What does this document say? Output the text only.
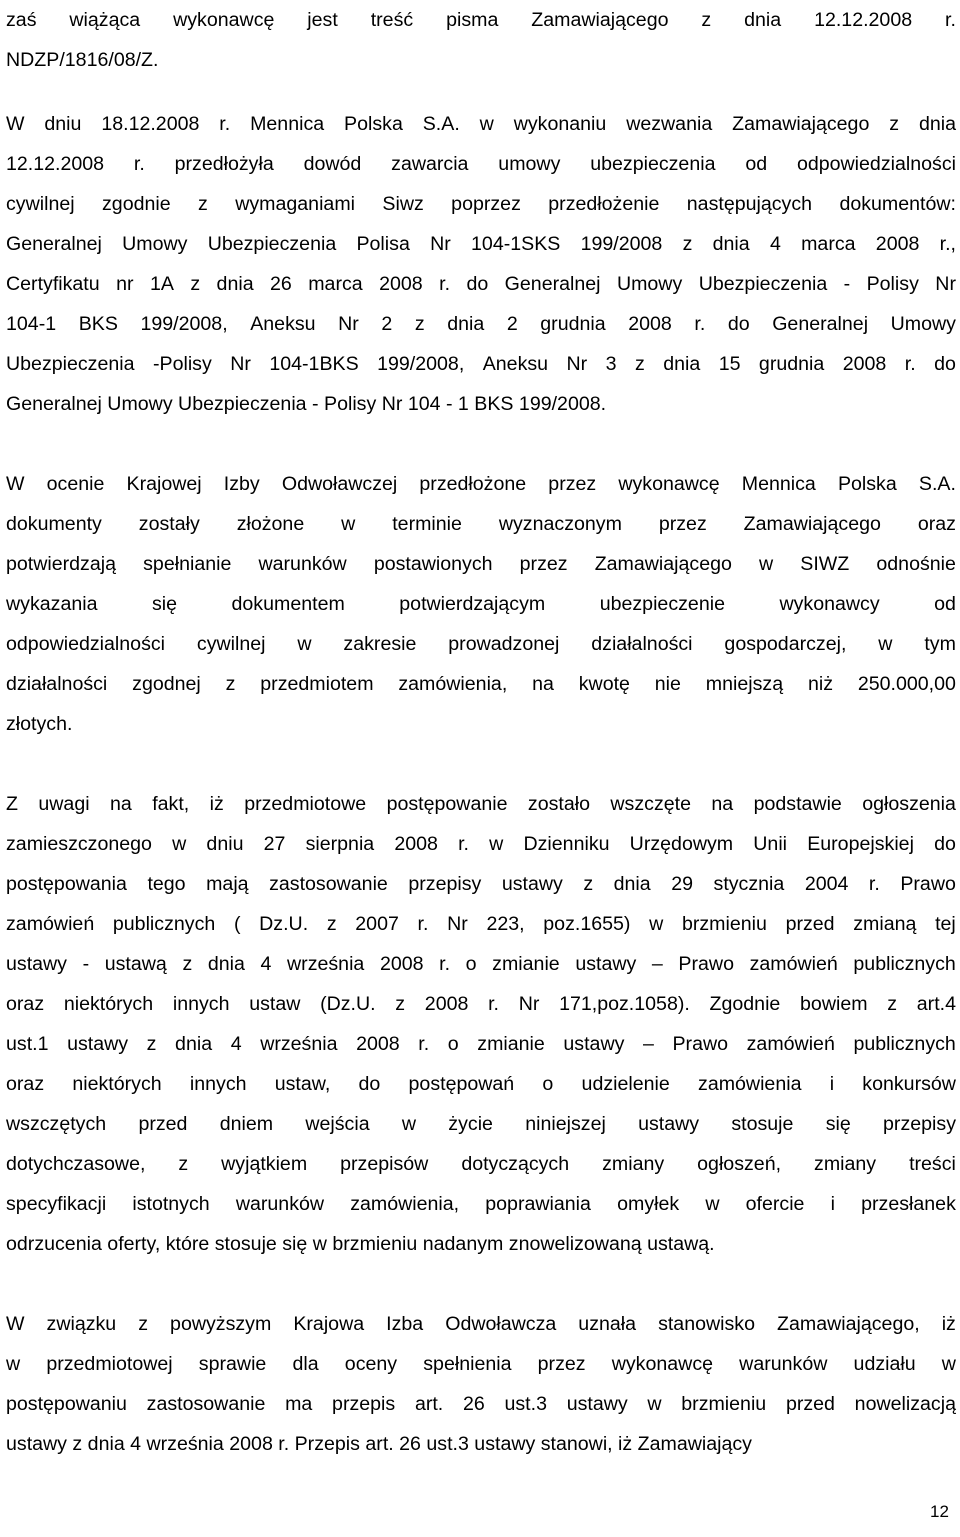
zaś wiążąca wykonawcę jest treść pisma Zamawiającego z dnia 12.12.2008 r.
NDZP/1816/08/Z.
W dniu 18.12.2008 r. Mennica Polska S.A. w wykonaniu wezwania Zamawiającego z dnia
12.12.2008 r. przedłożyła dowód zawarcia umowy ubezpieczenia od odpowiedzialności
cywilnej zgodnie z wymaganiami Siwz poprzez przedłożenie następujących dokumentów:
Generalnej Umowy Ubezpieczenia Polisa Nr 104-1SKS 199/2008 z dnia 4 marca 2008 r.,
Certyfikatu nr 1A z dnia 26 marca 2008 r. do Generalnej Umowy Ubezpieczenia - Polisy Nr
104-1 BKS 199/2008, Aneksu Nr 2 z dnia 2 grudnia 2008 r. do Generalnej Umowy
Ubezpieczenia -Polisy Nr 104-1BKS 199/2008, Aneksu Nr 3 z dnia 15 grudnia 2008 r. do
Generalnej Umowy Ubezpieczenia - Polisy Nr 104 - 1 BKS 199/2008.
W ocenie Krajowej Izby Odwoławczej przedłożone przez wykonawcę Mennica Polska S.A.
dokumenty zostały złożone w terminie wyznaczonym przez Zamawiającego oraz
potwierdzają spełnianie warunków postawionych przez Zamawiającego w SIWZ odnośnie
wykazania	się	dokumentem	potwierdzającym	ubezpieczenie	wykonawcy	od
odpowiedzialności cywilnej w zakresie prowadzonej działalności gospodarczej, w tym
działalności zgodnej z przedmiotem zamówienia, na kwotę nie mniejszą niż 250.000,00
złotych.
Z uwagi na fakt, iż przedmiotowe postępowanie zostało wszczęte na podstawie ogłoszenia
zamieszczonego w dniu 27 sierpnia 2008 r. w Dzienniku Urzędowym Unii Europejskiej do
postępowania tego mają zastosowanie przepisy ustawy z dnia 29 stycznia 2004 r. Prawo
zamówień publicznych ( Dz.U. z 2007 r. Nr 223, poz.1655) w brzmieniu przed zmianą tej
ustawy - ustawą z dnia 4 września 2008 r. o zmianie ustawy – Prawo zamówień publicznych
oraz niektórych innych ustaw (Dz.U. z 2008 r. Nr 171,poz.1058). Zgodnie bowiem z art.4
ust.1 ustawy z dnia 4 września 2008 r. o zmianie ustawy – Prawo zamówień publicznych
oraz niektórych innych ustaw, do postępowań o udzielenie zamówienia i konkursów
wszczętych przed dniem wejścia w życie niniejszej ustawy stosuje się przepisy
dotychczasowe, z wyjątkiem przepisów dotyczących zmiany ogłoszeń, zmiany treści
specyfikacji istotnych warunków zamówienia, poprawiania omyłek w ofercie i przesłanek
odrzucenia oferty, które stosuje się w brzmieniu nadanym znowelizowaną ustawą.
W związku z powyższym Krajowa Izba Odwoławcza uznała stanowisko Zamawiającego, iż
w przedmiotowej sprawie dla oceny spełnienia przez wykonawcę warunków udziału w
postępowaniu zastosowanie ma przepis art. 26 ust.3 ustawy w brzmieniu przed nowelizacją
ustawy z dnia 4 września 2008 r. Przepis art. 26 ust.3 ustawy stanowi, iż Zamawiający
12
